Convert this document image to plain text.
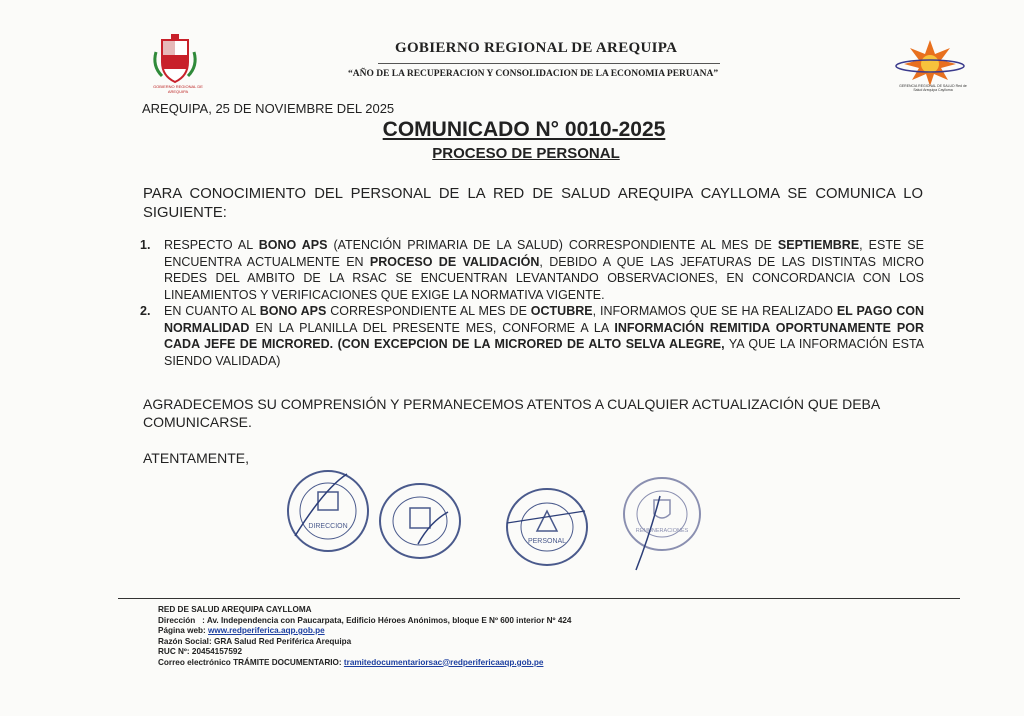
GOBIERNO REGIONAL DE AREQUIPA
GOBIERNO REGIONAL DE AREQUIPA
“AÑO DE LA RECUPERACION Y CONSOLIDACION DE LA ECONOMIA PERUANA”
GERENCIA REGIONAL DE SALUD Red de Salud Arequipa Caylloma
AREQUIPA, 25 DE NOVIEMBRE DEL 2025
COMUNICADO N° 0010-2025
PROCESO DE PERSONAL
PARA CONOCIMIENTO DEL PERSONAL DE LA RED DE SALUD AREQUIPA CAYLLOMA SE COMUNICA LO SIGUIENTE:
1. RESPECTO AL BONO APS (ATENCIÓN PRIMARIA DE LA SALUD) CORRESPONDIENTE AL MES DE SEPTIEMBRE, ESTE SE ENCUENTRA ACTUALMENTE EN PROCESO DE VALIDACIÓN, DEBIDO A QUE LAS JEFATURAS DE LAS DISTINTAS MICRO REDES DEL AMBITO DE LA RSAC SE ENCUENTRAN LEVANTANDO OBSERVACIONES, EN CONCORDANCIA CON LOS LINEAMIENTOS Y VERIFICACIONES QUE EXIGE LA NORMATIVA VIGENTE.
2. EN CUANTO AL BONO APS CORRESPONDIENTE AL MES DE OCTUBRE, INFORMAMOS QUE SE HA REALIZADO EL PAGO CON NORMALIDAD EN LA PLANILLA DEL PRESENTE MES, CONFORME A LA INFORMACIÓN REMITIDA OPORTUNAMENTE POR CADA JEFE DE MICRORED. (CON EXCEPCION DE LA MICRORED DE ALTO SELVA ALEGRE, YA QUE LA INFORMACIÓN ESTA SIENDO VALIDADA)
AGRADECEMOS SU COMPRENSIÓN Y PERMANECEMOS ATENTOS A CUALQUIER ACTUALIZACIÓN QUE DEBA COMUNICARSE.
ATENTAMENTE,
DIRECCION
PERSONAL
REMUNERACIONES
RED DE SALUD AREQUIPA CAYLLOMA
Dirección : Av. Independencia con Paucarpata, Edificio Héroes Anónimos, bloque E Nº 600 interior Nº 424
Página web: www.redperiferica.aqp.gob.pe
Razón Social: GRA Salud Red Periférica Arequipa
RUC Nº: 20454157592
Correo electrónico TRÁMITE DOCUMENTARIO: tramitedocumentariorsac@redperifericaaqp.gob.pe
